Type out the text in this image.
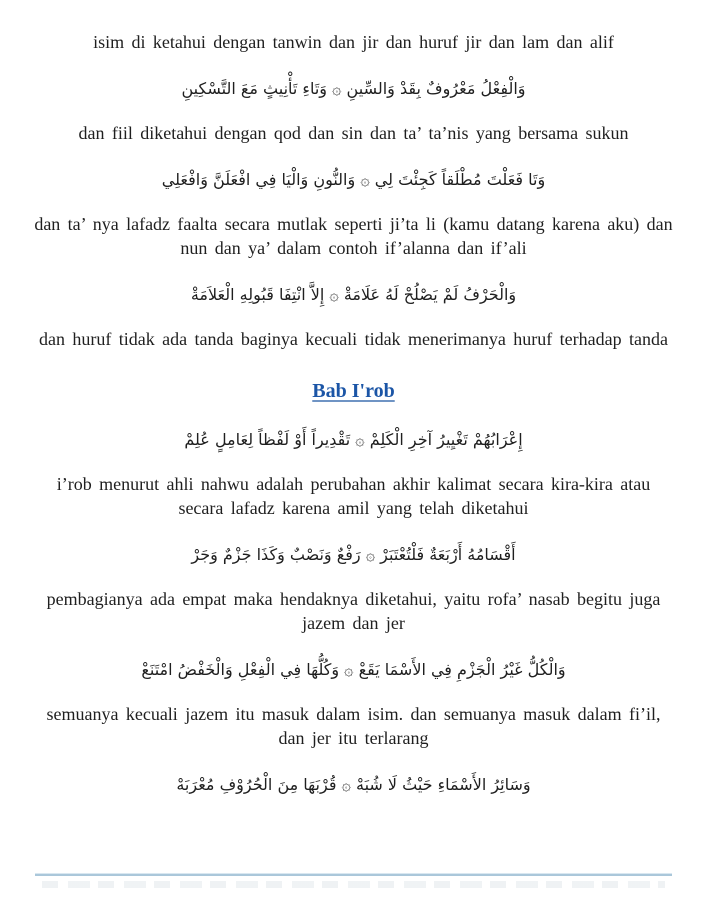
isim di ketahui dengan tanwin dan jir dan huruf jir dan lam dan alif

وَالْفِعْلُ مَعْرُوفٌ بِقَدْ وَالسِّينِ ۞ وَتَاءِ تَأْنِيثٍ مَعَ التَّسْكِينِ

dan fiil diketahui dengan qod dan sin dan ta’ ta’nis yang bersama sukun

وَتَا فَعَلْتَ مُطْلَقاً كَجِئْتَ لِي ۞ وَالنُّونِ وَالْيَا فِي افْعَلَنَّ وَافْعَلِي

dan ta’ nya lafadz faalta secara mutlak seperti ji’ta li (kamu datang karena aku) dan nun dan ya’ dalam contoh if’alanna dan if’ali

وَالْحَرْفُ لَمْ يَصْلُحْ لَهُ عَلَامَةْ ۞ إِلاَّ انْتِفَا قَبُولِهِ الْعَلاَمَةْ

dan huruf tidak ada tanda baginya kecuali tidak menerimanya huruf terhadap tanda

Bab I'rob

إِعْرَابُهُمْ تَغْيِيرُ آخِرِ الْكَلِمْ ۞ تَقْدِيراً أَوْ لَفْظاً لِعَامِلٍ عُلِمْ

i’rob menurut ahli nahwu adalah perubahan akhir kalimat secara kira-kira atau secara lafadz karena amil yang telah diketahui

أَقْسَامُهُ أَرْبَعَةٌ فَلْتُعْتَبَرْ ۞ رَفْعٌ وَنَصْبٌ وَكَذَا جَزْمٌ وَجَرْ

pembagianya ada empat maka hendaknya diketahui, yaitu rofa’ nasab begitu juga jazem dan jer

وَالْكُلُّ غَيْرُ الْجَزْمِ فِي الأَسْمَا يَقَعْ ۞ وَكُلُّهَا فِي الْفِعْلِ وَالْخَفْضُ امْتَنَعْ

semuanya kecuali jazem itu masuk dalam isim. dan semuanya masuk dalam fi’il, dan jer itu terlarang

وَسَائِرُ الأَسْمَاءِ حَيْثُ لَا شُبَهْ ۞ قُرْبَهَا مِنَ الْحُرُوْفِ مُعْرَبَهْ
